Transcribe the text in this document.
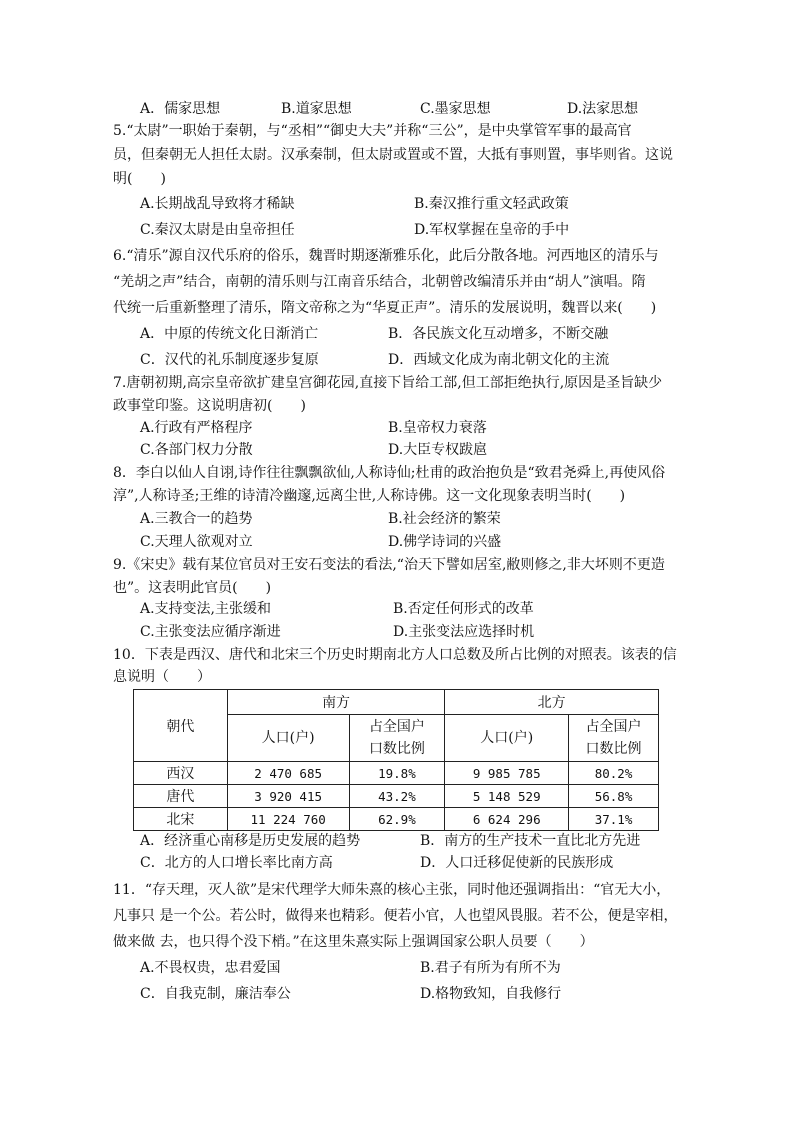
A．儒家思想	B.道家思想	C.墨家思想	D.法家思想
5.“太尉”一职始于秦朝，与“丞相”“御史大夫”并称“三公”，是中央掌管军事的最高官
员，但秦朝无人担任太尉。汉承秦制，但太尉或置或不置，大抵有事则置，事毕则省。这说
明(　　)
A.长期战乱导致将才稀缺	B.秦汉推行重文轻武政策
C.秦汉太尉是由皇帝担任	D.军权掌握在皇帝的手中
6.“清乐”源自汉代乐府的俗乐，魏晋时期逐渐雅乐化，此后分散各地。河西地区的清乐与
“羌胡之声”结合，南朝的清乐则与江南音乐结合，北朝曾改编清乐并由“胡人”演唱。隋
代统一后重新整理了清乐，隋文帝称之为“华夏正声”。清乐的发展说明，魏晋以来(　　)
A．中原的传统文化日渐消亡	B．各民族文化互动增多，不断交融
C．汉代的礼乐制度逐步复原	D．西域文化成为南北朝文化的主流
7.唐朝初期,高宗皇帝欲扩建皇宫御花园,直接下旨给工部,但工部拒绝执行,原因是圣旨缺少
政事堂印鉴。这说明唐初(　　)
A.行政有严格程序	B.皇帝权力衰落
C.各部门权力分散	D.大臣专权跋扈
8．李白以仙人自诩,诗作往往飘飘欲仙,人称诗仙;杜甫的政治抱负是“致君尧舜上,再使风俗
淳”,人称诗圣;王维的诗清冷幽邃,远离尘世,人称诗佛。这一文化现象表明当时(　　)
A.三教合一的趋势	B.社会经济的繁荣
C.天理人欲观对立	D.佛学诗词的兴盛
9.《宋史》载有某位官员对王安石变法的看法,“治天下譬如居室,敝则修之,非大坏则不更造
也”。这表明此官员(　　)
A.支持变法,主张缓和	B.否定任何形式的改革
C.主张变法应循序渐进	D.主张变法应选择时机
10．下表是西汉、唐代和北宋三个历史时期南北方人口总数及所占比例的对照表。该表的信
息说明（　　）
朝代	南方		北方	
	人口(户)	占全国户
口数比例	人口(户)	占全国户
口数比例
西汉	2 470 685	19.8%	9 985 785	80.2%
唐代	3 920 415	43.2%	5 148 529	56.8%
北宋	11 224 760	62.9%	6 624 296	37.1%
A．经济重心南移是历史发展的趋势	B．南方的生产技术一直比北方先进
C．北方的人口增长率比南方高	D．人口迁移促使新的民族形成
11．“存天理，灭人欲”是宋代理学大师朱熹的核心主张，同时他还强调指出：“官无大小，
凡事只 是一个公。若公时，做得来也精彩。便若小官，人也望风畏服。若不公，便是宰相，
做来做 去，也只得个没下梢。”在这里朱熹实际上强调国家公职人员要（　　）
A.不畏权贵，忠君爱国	B.君子有所为有所不为
C．自我克制，廉洁奉公	D.格物致知，自我修行
